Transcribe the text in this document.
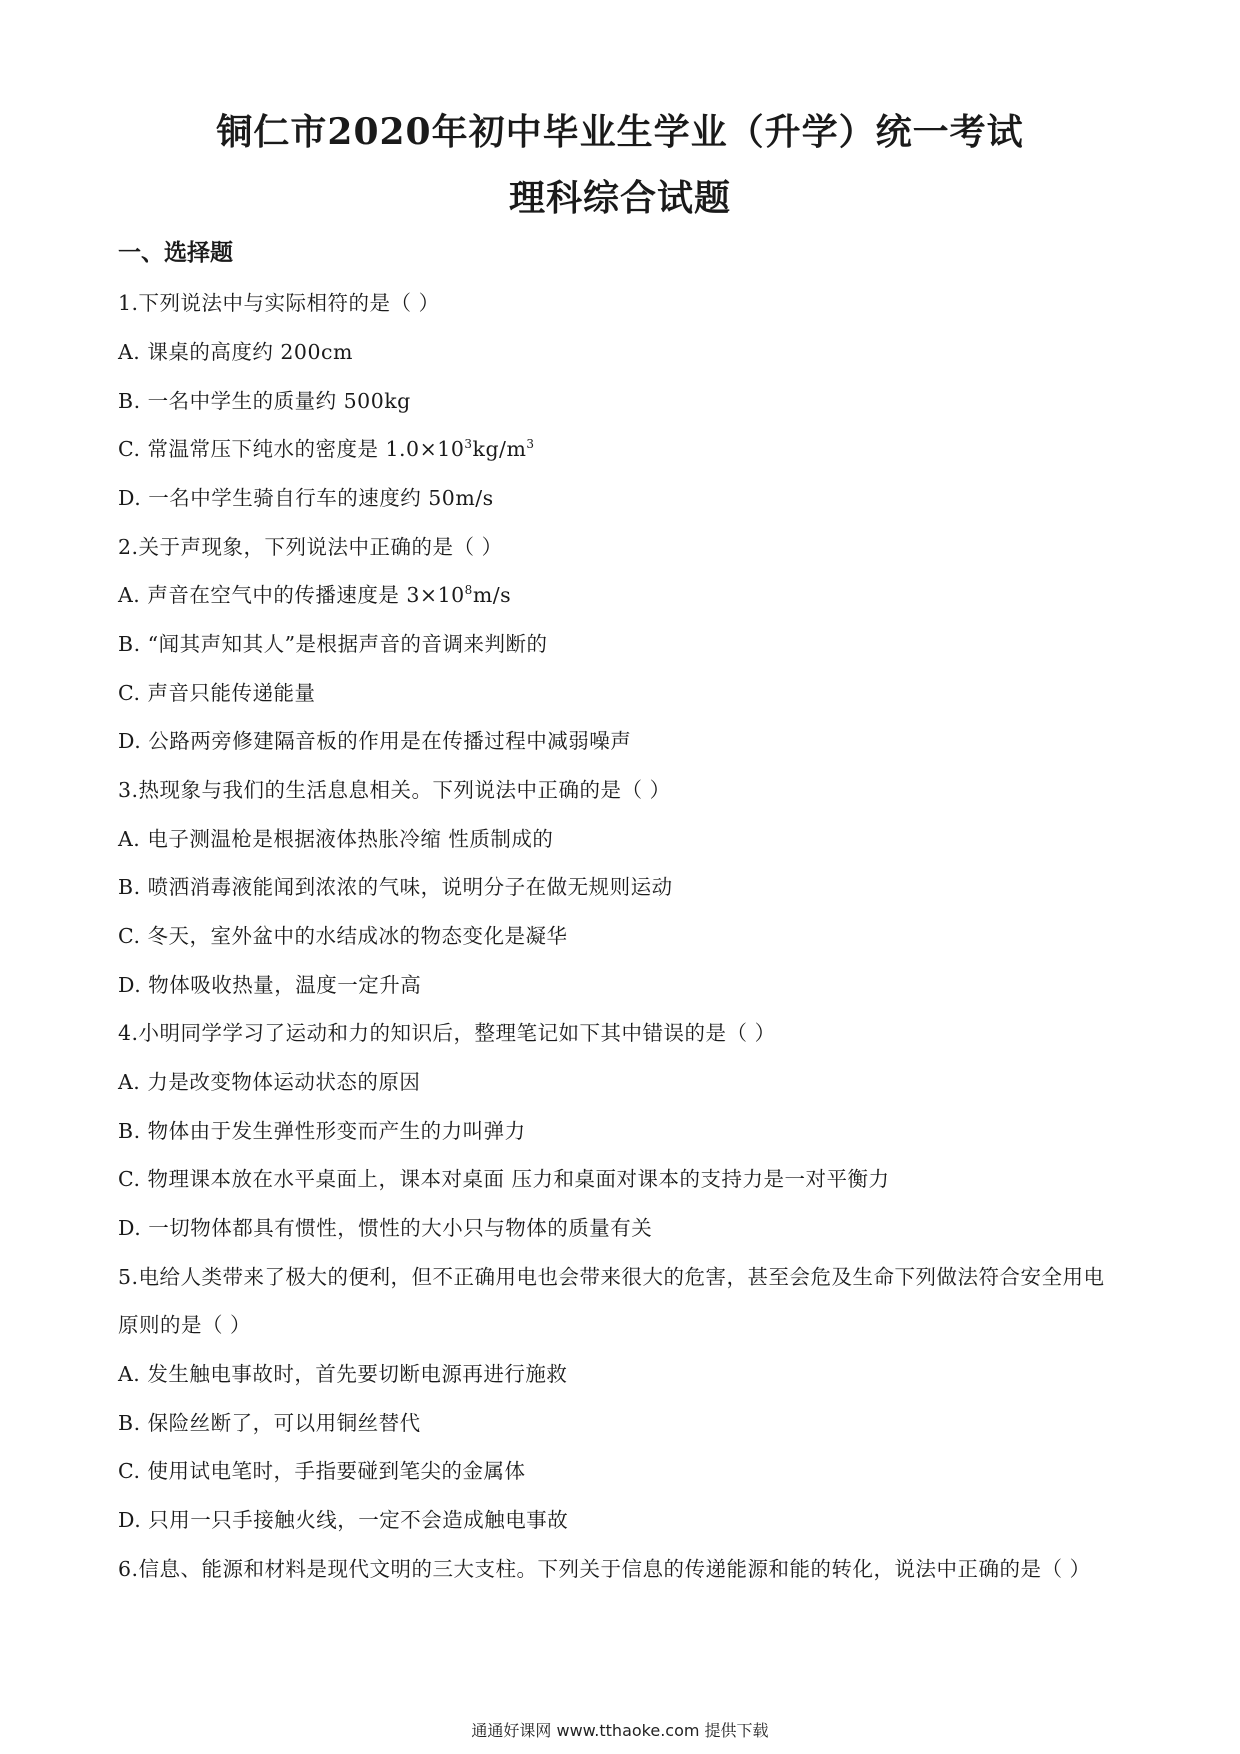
铜仁市2020年初中毕业生学业（升学）统一考试
理科综合试题
一、选择题
1.下列说法中与实际相符的是（ ）
A. 课桌的高度约 200cm
B. 一名中学生的质量约 500kg
C. 常温常压下纯水的密度是 $1.0\times 10^3kg/m^3$
D. 一名中学生骑自行车的速度约 50m/s
2.关于声现象，下列说法中正确的是（ ）
A. 声音在空气中的传播速度是 $3\times 10^8m/s$
B. “闻其声知其人”是根据声音的音调来判断的
C. 声音只能传递能量
D. 公路两旁修建隔音板的作用是在传播过程中减弱噪声
3.热现象与我们的生活息息相关。下列说法中正确的是（ ）
A. 电子测温枪是根据液体热胀冷缩 性质制成的
B. 喷洒消毒液能闻到浓浓的气味，说明分子在做无规则运动
C. 冬天，室外盆中的水结成冰的物态变化是凝华
D. 物体吸收热量，温度一定升高
4.小明同学学习了运动和力的知识后，整理笔记如下其中错误的是（ ）
A. 力是改变物体运动状态的原因
B. 物体由于发生弹性形变而产生的力叫弹力
C. 物理课本放在水平桌面上，课本对桌面 压力和桌面对课本的支持力是一对平衡力
D. 一切物体都具有惯性，惯性的大小只与物体的质量有关
5.电给人类带来了极大的便利，但不正确用电也会带来很大的危害，甚至会危及生命下列做法符合安全用电
原则的是（ ）
A. 发生触电事故时，首先要切断电源再进行施救
B. 保险丝断了，可以用铜丝替代
C. 使用试电笔时，手指要碰到笔尖的金属体
D. 只用一只手接触火线，一定不会造成触电事故
6.信息、能源和材料是现代文明的三大支柱。下列关于信息的传递能源和能的转化，说法中正确的是（ ）
通通好课网 www.tthaoke.com 提供下载
